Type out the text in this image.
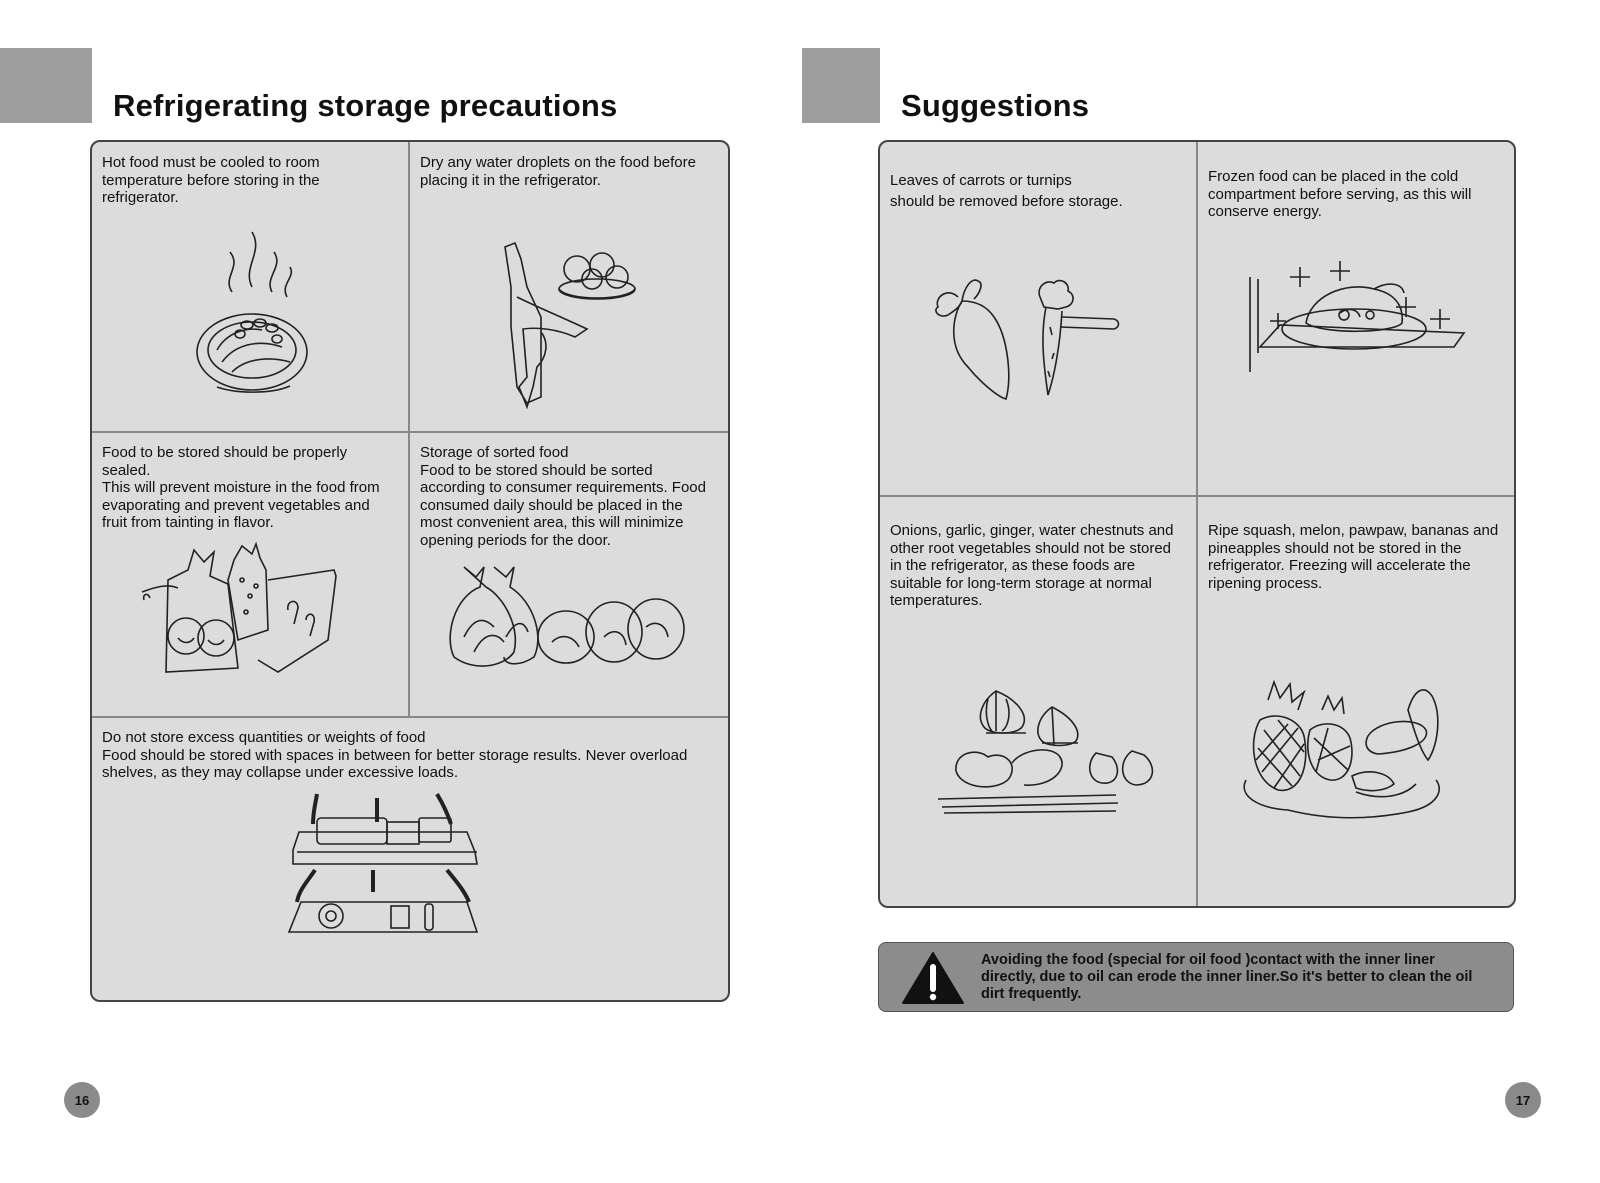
Refrigerating storage precautions

Hot food must be cooled to room temperature before storing in the refrigerator.

Dry any water droplets on the food before placing it in the refrigerator.

Food to be stored should be properly sealed.
This will prevent moisture in the food from evaporating and prevent vegetables and fruit from tainting in flavor.

Storage of sorted food
Food to be stored should be sorted according to consumer requirements. Food consumed daily should be placed in the most convenient area, this will minimize opening periods for the door.

Do not store excess quantities or weights of food
Food should be stored with spaces in between for better storage results. Never overload shelves, as they may collapse under excessive loads.

16
Suggestions

Leaves of carrots or turnips
should be removed before storage.

Frozen food can be placed in the cold compartment before serving, as this will conserve energy.

Onions, garlic, ginger, water chestnuts and other root vegetables should not be stored in the refrigerator, as these foods are suitable for long-term storage at normal temperatures.

Ripe squash, melon, pawpaw, bananas and pineapples should not be stored in the refrigerator. Freezing will accelerate the ripening process.

Avoiding the food (special for oil food )contact with the inner liner directly, due to oil can erode the inner liner.So it's better to clean the oil dirt frequently.

17
